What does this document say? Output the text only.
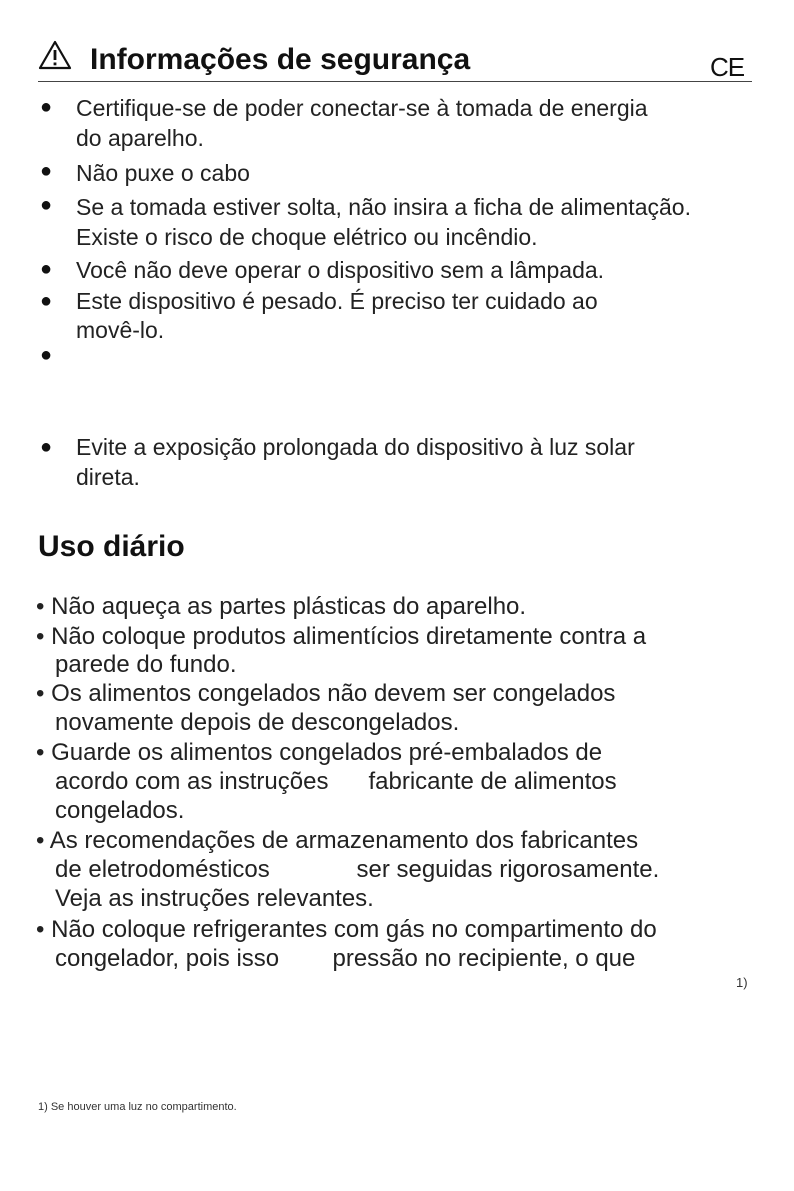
Informações de segurança	CE
● Certifique-se de poder conectar-se à tomada de energia
do aparelho.
● Não puxe o cabo
● Se a tomada estiver solta, não insira a ficha de alimentação.
Existe o risco de choque elétrico ou incêndio.
● Você não deve operar o dispositivo sem a lâmpada.
● Este dispositivo é pesado. É preciso ter cuidado ao
movê-lo.
●
● Evite a exposição prolongada do dispositivo à luz solar
direta.
Uso diário
• Não aqueça as partes plásticas do aparelho.
• Não coloque produtos alimentícios diretamente contra a
parede do fundo.
• Os alimentos congelados não devem ser congelados
novamente depois de descongelados.
• Guarde os alimentos congelados pré-embalados de
acordo com as instruções      fabricante de alimentos
congelados.
• As recomendações de armazenamento dos fabricantes
de eletrodomésticos             ser seguidas rigorosamente.
Veja as instruções relevantes.
• Não coloque refrigerantes com gás no compartimento do
congelador, pois isso        pressão no recipiente, o que
1)
1) Se houver uma luz no compartimento.
